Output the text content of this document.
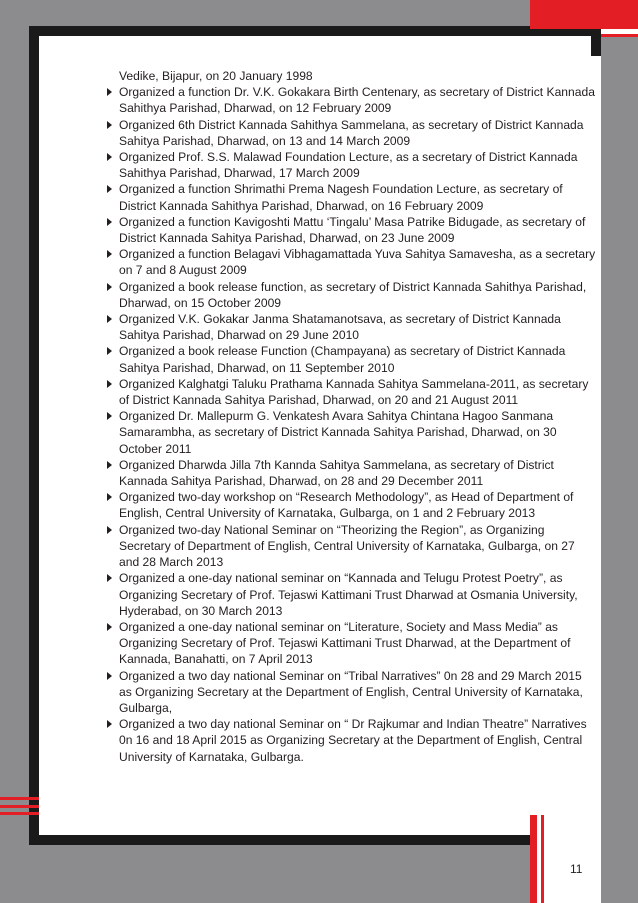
Vedike, Bijapur, on 20 January 1998

Organized a function Dr. V.K. Gokakara Birth Centenary, as secretary of District Kannada Sahithya Parishad, Dharwad, on 12 February 2009
Organized 6th District Kannada Sahithya Sammelana, as secretary of District Kannada Sahitya Parishad, Dharwad, on 13 and 14 March 2009
Organized Prof. S.S. Malawad Foundation Lecture, as a secretary of District Kannada Sahithya Parishad, Dharwad, 17 March 2009
Organized a function Shrimathi Prema Nagesh Foundation Lecture, as secretary of District Kannada Sahithya Parishad, Dharwad, on 16 February 2009
Organized a function Kavigoshti Mattu ‘Tingalu’ Masa Patrike Bidugade, as secretary of District Kannada Sahitya Parishad, Dharwad, on 23 June 2009
Organized a function Belagavi Vibhagamattada Yuva Sahitya Samavesha, as a secretary on 7 and 8 August 2009
Organized a book release function, as secretary of District Kannada Sahithya Parishad, Dharwad, on 15 October 2009
Organized V.K. Gokakar Janma Shatamanotsava, as secretary of District Kannada Sahitya Parishad, Dharwad on 29 June 2010
Organized a book release Function (Champayana) as secretary of District Kannada Sahitya Parishad, Dharwad, on 11 September 2010
Organized Kalghatgi Taluku Prathama Kannada Sahitya Sammelana-2011, as secretary of District Kannada Sahitya Parishad, Dharwad, on 20 and 21 August 2011
Organized Dr. Mallepurm G. Venkatesh Avara Sahitya Chintana Hagoo Sanmana Samarambha, as secretary of District Kannada Sahitya Parishad, Dharwad, on 30 October 2011
Organized Dharwda Jilla 7th Kannda Sahitya Sammelana, as secretary of District Kannada Sahitya Parishad, Dharwad, on 28 and 29 December 2011
Organized two-day workshop on “Research Methodology”, as Head of Department of English, Central University of Karnataka, Gulbarga, on 1 and 2 February 2013
Organized two-day National Seminar on “Theorizing the Region”, as Organizing Secretary of Department of English, Central University of Karnataka, Gulbarga, on 27 and 28 March 2013
Organized a one-day national seminar on “Kannada and Telugu Protest Poetry”, as Organizing Secretary of Prof. Tejaswi Kattimani Trust Dharwad at Osmania University, Hyderabad, on 30 March 2013
Organized a one-day national seminar on “Literature, Society and Mass Media” as Organizing Secretary of Prof. Tejaswi Kattimani Trust Dharwad, at the Department of Kannada, Banahatti, on 7 April 2013
Organized a two day national Seminar on “Tribal Narratives” 0n 28 and 29 March 2015 as Organizing Secretary at the Department of English, Central University of Karnataka, Gulbarga,
Organized a two day national Seminar on “ Dr Rajkumar and Indian Theatre” Narratives 0n 16 and 18 April 2015 as Organizing Secretary at the Department of English, Central University of Karnataka, Gulbarga.
11
